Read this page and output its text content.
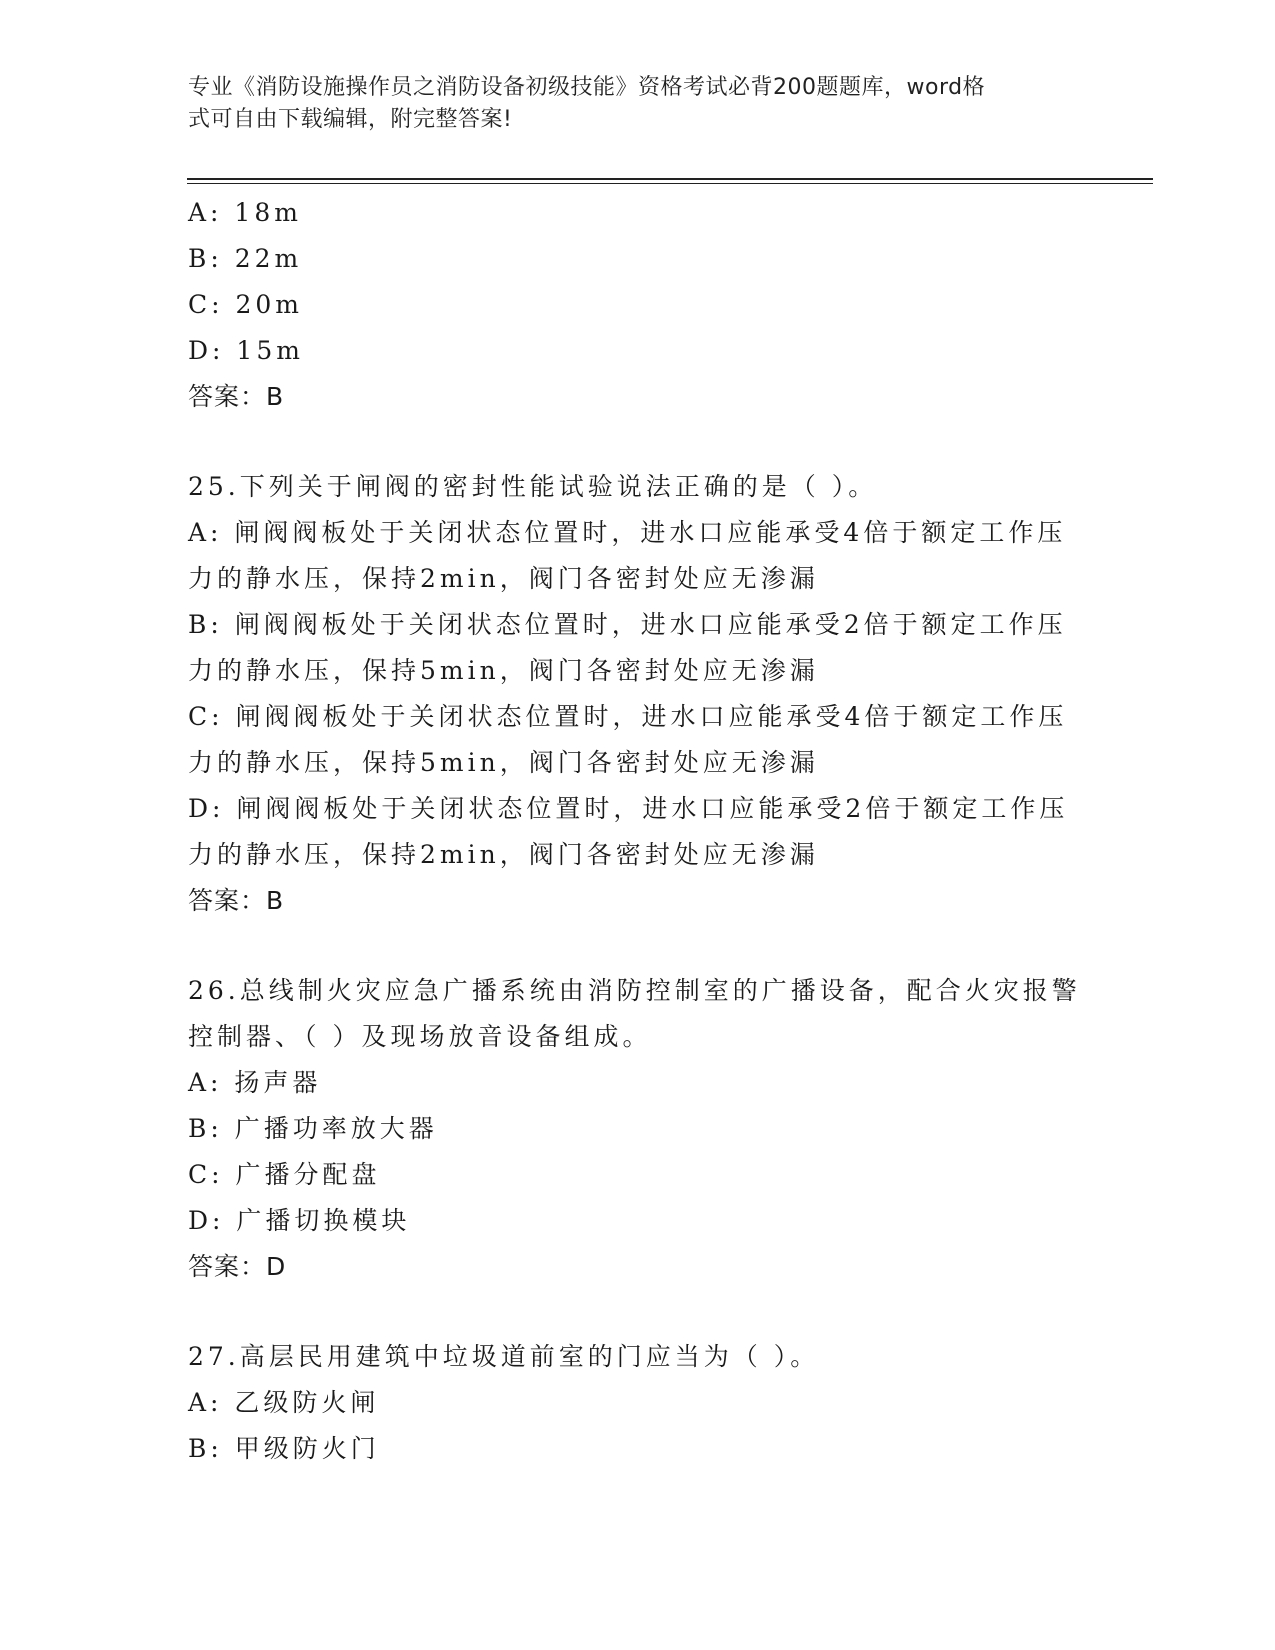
专业《消防设施操作员之消防设备初级技能》资格考试必背200题题库，word格
式可自由下载编辑，附完整答案!
A: 18m
B: 22m
C: 20m
D: 15m
答案：B
25.下列关于闸阀的密封性能试验说法正确的是（ ）。
A: 闸阀阀板处于关闭状态位置时，进水口应能承受4倍于额定工作压
力的静水压，保持2min，阀门各密封处应无渗漏
B: 闸阀阀板处于关闭状态位置时，进水口应能承受2倍于额定工作压
力的静水压，保持5min，阀门各密封处应无渗漏
C: 闸阀阀板处于关闭状态位置时，进水口应能承受4倍于额定工作压
力的静水压，保持5min，阀门各密封处应无渗漏
D: 闸阀阀板处于关闭状态位置时，进水口应能承受2倍于额定工作压
力的静水压，保持2min，阀门各密封处应无渗漏
答案：B
26.总线制火灾应急广播系统由消防控制室的广播设备，配合火灾报警
控制器、（ ）及现场放音设备组成。
A: 扬声器
B: 广播功率放大器
C: 广播分配盘
D: 广播切换模块
答案：D
27.高层民用建筑中垃圾道前室的门应当为（ ）。
A: 乙级防火闸
B: 甲级防火门
